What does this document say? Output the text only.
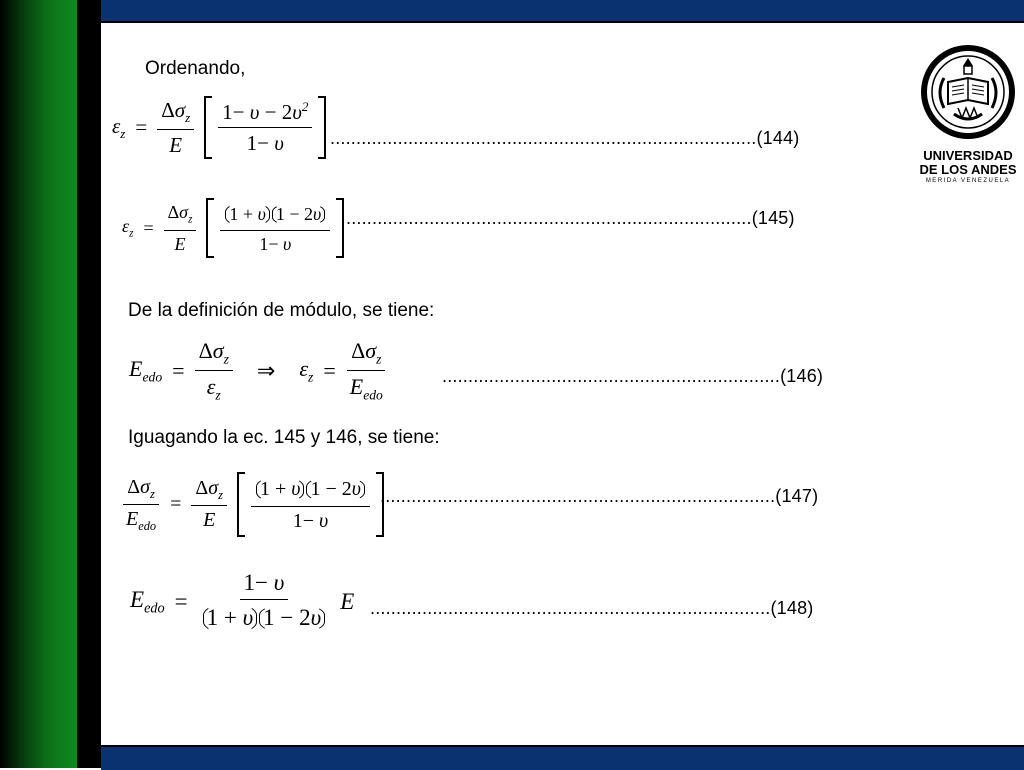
UNIVERSIDAD
DE LOS ANDES
MERIDA VENEZUELA
Ordenando,
$\varepsilon_z = \frac{\Delta\sigma_z}{E} \frac{1- \upsilon - 2\upsilon^2}{1- \upsilon} ..................................................................................(144)$
$\varepsilon_z = \frac{\Delta\sigma_z}{E} \frac{1 + \upsilon 1 - 2\upsilon}{1- \upsilon} ..............................................................................(145)$
De la definición de módulo, se tiene:
$E_{edo} = \frac{\Delta\sigma_z}{\varepsilon_z}$ ⇒ $\varepsilon_z = \frac{\Delta\sigma_z}{E_{edo}}$	.................................................................(146)
Iguagando la ec. 145 y 146, se tiene:
$\frac{\Delta\sigma_z}{E_{edo}} = \frac{\Delta\sigma_z}{E} \frac{1 + \upsilon 1 - 2\upsilon}{1- \upsilon} ............................................................................(147)$
$E_{edo} = \frac{1- \upsilon}{1 + \upsilon 1 - 2\upsilon}$ E .............................................................................(148)
